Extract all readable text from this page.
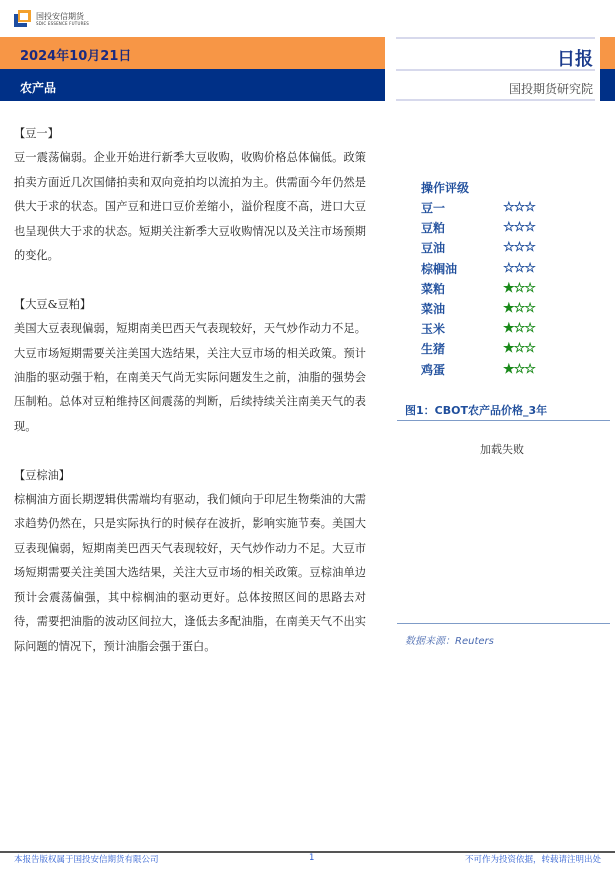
国投安信期货
SDIC ESSENCE FUTURES
2024年10月21日
农产品
日报
国投期货研究院
【豆一】

豆一震荡偏弱。企业开始进行新季大豆收购，收购价格总体偏低。政策拍卖方面近几次国储拍卖和双向竞拍均以流拍为主。供需面今年仍然是供大于求的状态。国产豆和进口豆价差缩小，溢价程度不高，进口大豆也呈现供大于求的状态。短期关注新季大豆收购情况以及关注市场预期的变化。

【大豆&豆粕】

美国大豆表现偏弱，短期南美巴西天气表现较好，天气炒作动力不足。大豆市场短期需要关注美国大选结果，关注大豆市场的相关政策。预计油脂的驱动强于粕，在南美天气尚无实际问题发生之前，油脂的强势会压制粕。总体对豆粕维持区间震荡的判断，后续持续关注南美天气的表现。

【豆棕油】

棕榈油方面长期逻辑供需端均有驱动，我们倾向于印尼生物柴油的大需求趋势仍然在，只是实际执行的时候存在波折，影响实施节奏。美国大豆表现偏弱，短期南美巴西天气表现较好，天气炒作动力不足。大豆市场短期需要关注美国大选结果，关注大豆市场的相关政策。豆棕油单边预计会震荡偏强，其中棕榈油的驱动更好。总体按照区间的思路去对待，需要把油脂的波动区间拉大，逢低去多配油脂，在南美天气不出实际问题的情况下，预计油脂会强于蛋白。

操作评级
豆一	☆☆☆
豆粕	☆☆☆
豆油	☆☆☆
棕榈油	☆☆☆
菜粕	★☆☆
菜油	★☆☆
玉米	★☆☆
生猪	★☆☆
鸡蛋	★☆☆
图1：CBOT农产品价格_3年
加载失败
数据来源：Reuters
本报告版权属于国投安信期货有限公司	1	不可作为投资依据，转载请注明出处
